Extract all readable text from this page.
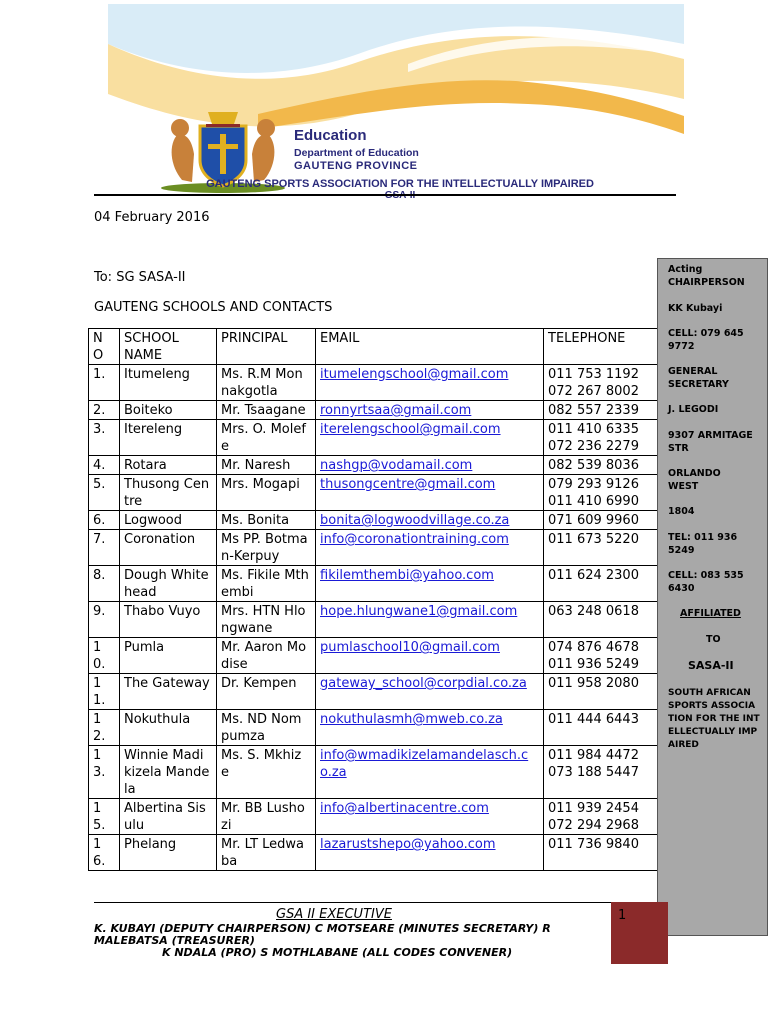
Education
Department of Education
GAUTENG PROVINCE
GAUTENG SPORTS ASSOCIATION FOR THE INTELLECTUALLY IMPAIRED
04 February 2016
To: SG SASA-II
GAUTENG SCHOOLS AND CONTACTS
N O	SCHOOL NAME	PRINCIPAL	EMAIL	TELEPHONE
1.	Itumeleng	Ms. R.M Monnakgotla	itumelengschool@gmail.com	011 753 1192
072 267 8002
2.	Boiteko	Mr. Tsaagane	ronnyrtsaa@gmail.com	082 557 2339
3.	Itereleng	Mrs. O. Molefe	iterelengschool@gmail.com	011 410 6335
072 236 2279
4.	Rotara	Mr. Naresh	nashgp@vodamail.com	082 539 8036
5.	Thusong Centre	Mrs. Mogapi	thusongcentre@gmail.com	079 293 9126
011 410 6990
6.	Logwood	Ms. Bonita	bonita@logwoodvillage.co.za	071 609 9960
7.	Coronation	Ms PP. Botman-Kerpuy	info@coronationtraining.com	011 673 5220
8.	Dough Whitehead	Ms. Fikile Mthembi	fikilemthembi@yahoo.com	011 624 2300
9.	Thabo Vuyo	Mrs. HTN Hlongwane	hope.hlungwane1@gmail.com	063 248 0618
10.	Pumla	Mr. Aaron Modise	pumlaschool10@gmail.com	074 876 4678
011 936 5249
11.	The Gateway	Dr. Kempen	gateway_school@corpdial.co.za	011 958 2080
12.	Nokuthula	Ms. ND Nompumza	nokuthulasmh@mweb.co.za	011 444 6443
13.	Winnie Madikizela Mandela	Ms. S. Mkhize	info@wmadikizelamandelasch.co.za	011 984 4472
073 188 5447
15.	Albertina Sisulu	Mr. BB Lushozi	info@albertinacentre.com	011 939 2454
072 294 2968
16.	Phelang	Mr. LT Ledwaba	lazarustshepo@yahoo.com	011 736 9840
Acting CHAIRPERSON
KK Kubayi
CELL: 079 645 9772
GENERAL SECRETARY
J. LEGODI
9307 ARMITAGE STR
ORLANDO WEST
1804
TEL: 011 936 5249
CELL: 083 535 6430
AFFILIATED
TO
SASA-II
SOUTH AFRICAN SPORTS ASSOCIATION FOR THE INTELLECTUALLY IMPAIRED
GSA II EXECUTIVE
K. KUBAYI (DEPUTY CHAIRPERSON) C MOTSEARE (MINUTES SECRETARY) R
MALEBATSA (TREASURER)
K NDALA (PRO) S MOTHLABANE (ALL CODES CONVENER)
1
